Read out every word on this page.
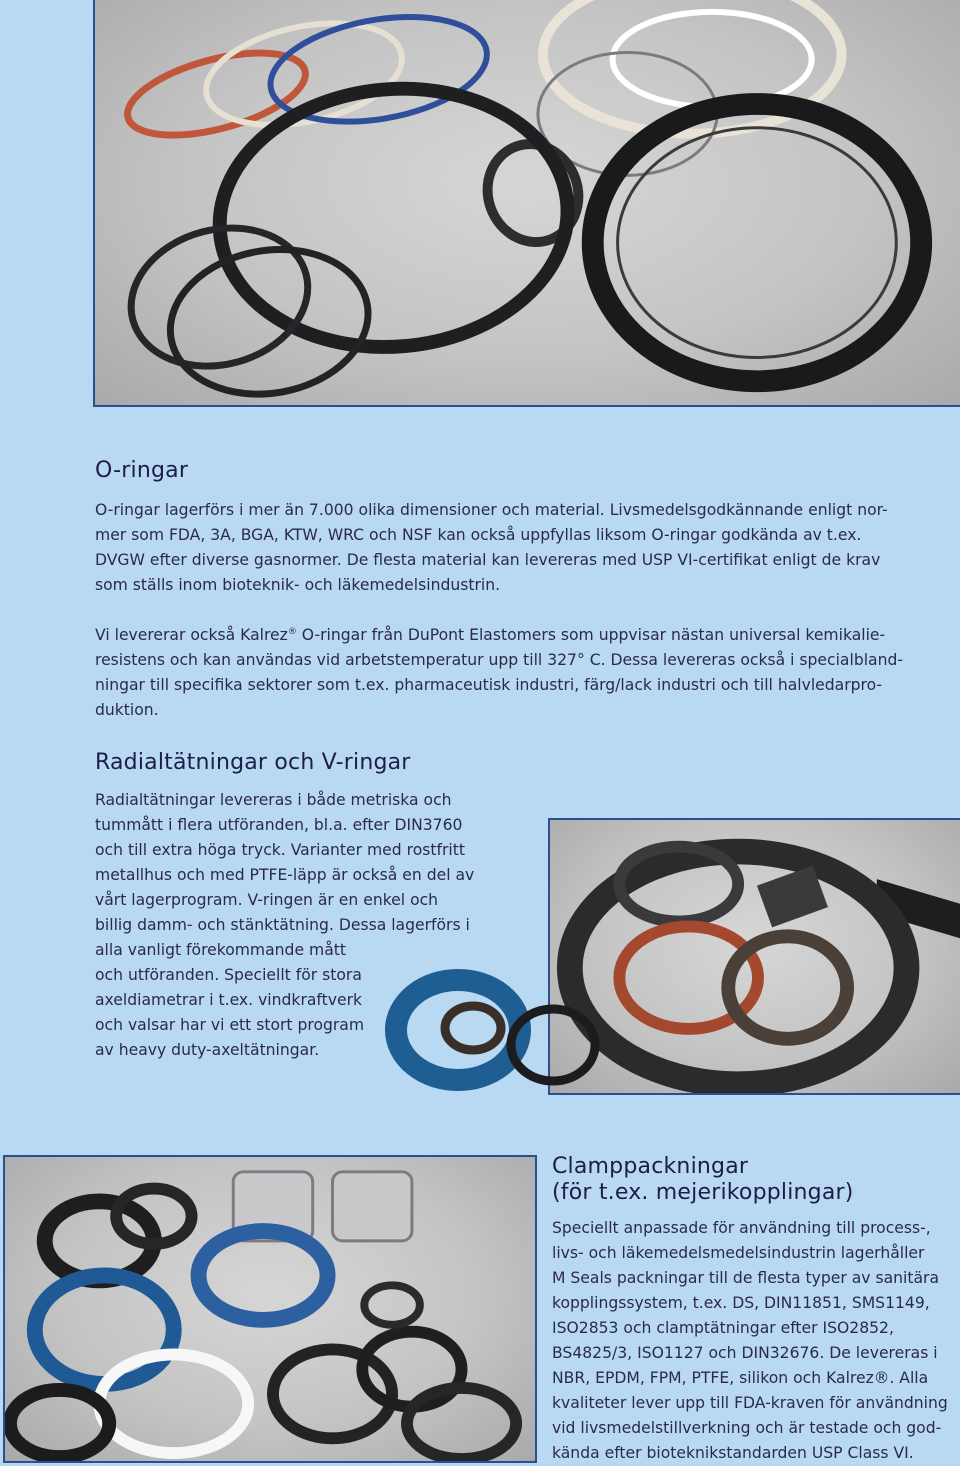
O-ringar
O-ringar lagerförs i mer än 7.000 olika dimensioner och material. Livsmedelsgodkännande enligt nor-
mer som FDA, 3A, BGA, KTW, WRC och NSF kan också uppfyllas liksom O-ringar godkända av t.ex.
DVGW efter diverse gasnormer. De flesta material kan levereras med USP VI-certifikat enligt de krav
som ställs inom bioteknik- och läkemedelsindustrin.
Vi levererar också Kalrez® O-ringar från DuPont Elastomers som uppvisar nästan universal kemikalie-
resistens och kan användas vid arbetstemperatur upp till 327° C. Dessa levereras också i specialbland-
ningar till specifika sektorer som t.ex. pharmaceutisk industri, färg/lack industri och till halvledarpro-
duktion.
Radialtätningar och V-ringar
Radialtätningar levereras i både metriska och
tummått i flera utföranden, bl.a. efter DIN3760
och till extra höga tryck. Varianter med rostfritt
metallhus och med PTFE-läpp är också en del av
vårt lagerprogram. V-ringen är en enkel och
billig damm- och stänktätning. Dessa lagerförs i
alla vanligt förekommande mått
och utföranden. Speciellt för stora
axeldiametrar i t.ex. vindkraftverk
och valsar har vi ett stort program
av heavy duty-axeltätningar.
Clamppackningar
(för t.ex. mejerikopplingar)
Speciellt anpassade för användning till process-,
livs- och läkemedelsmedelsindustrin lagerhåller
M Seals packningar till de flesta typer av sanitära
kopplingssystem, t.ex. DS, DIN11851, SMS1149,
ISO2853 och clamptätningar efter ISO2852,
BS4825/3, ISO1127 och DIN32676. De levereras i
NBR, EPDM, FPM, PTFE, silikon och Kalrez®. Alla
kvaliteter lever upp till FDA-kraven för användning
vid livsmedelstillverkning och är testade och god-
kända efter bioteknikstandarden USP Class VI.
